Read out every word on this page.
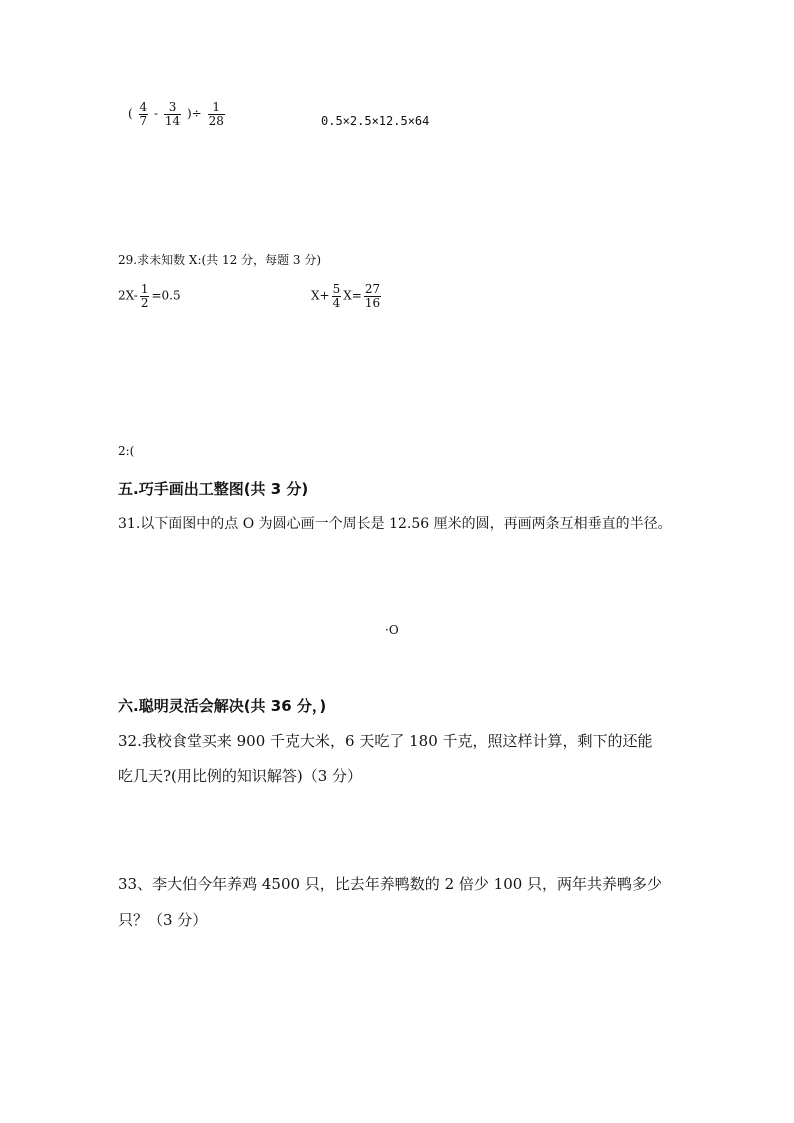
( $\frac{4}{7} - \frac{3}{14}$ )÷ $\frac{1}{28}$	0.5×2.5×12.5×64
29.求未知数 X:(共 12 分，每题 3 分)
$2X- \frac{1}{2} =0.5$	$X+ \frac{5}{4} X= \frac{27}{16}$
2:(
五.巧手画出工整图(共 3 分)
31.以下面图中的点 O 为圆心画一个周长是 12.56 厘米的圆，再画两条互相垂直的半径。
·O
六.聪明灵活会解决(共 36 分，)
32.我校食堂买来 900 千克大米，6 天吃了 180 千克，照这样计算，剩下的还能
吃几天?(用比例的知识解答)（3 分）
33、李大伯今年养鸡 4500 只，比去年养鸭数的 2 倍少 100 只，两年共养鸭多少
只？（3 分）
